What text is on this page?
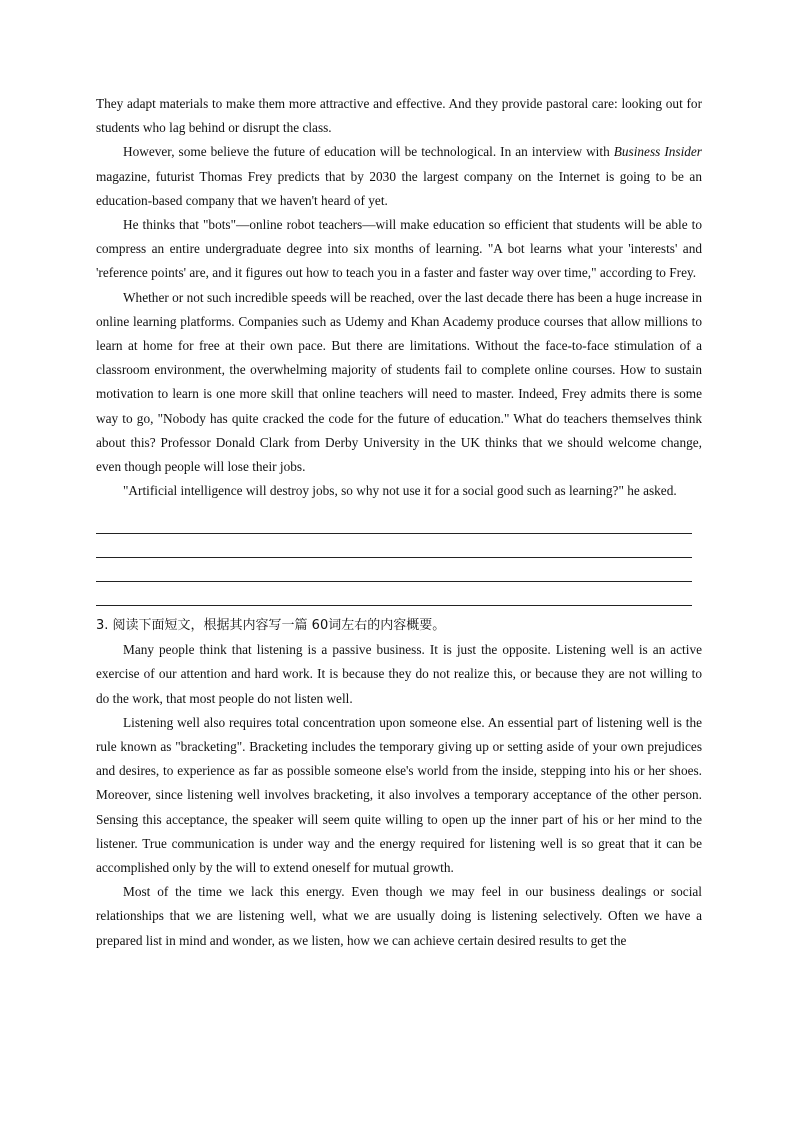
They adapt materials to make them more attractive and effective. And they provide pastoral care: looking out for students who lag behind or disrupt the class.

However, some believe the future of education will be technological. In an interview with Business Insider magazine, futurist Thomas Frey predicts that by 2030 the largest company on the Internet is going to be an education-based company that we haven't heard of yet.

He thinks that "bots"—online robot teachers—will make education so efficient that students will be able to compress an entire undergraduate degree into six months of learning. "A bot learns what your 'interests' and 'reference points' are, and it figures out how to teach you in a faster and faster way over time," according to Frey.

Whether or not such incredible speeds will be reached, over the last decade there has been a huge increase in online learning platforms. Companies such as Udemy and Khan Academy produce courses that allow millions to learn at home for free at their own pace. But there are limitations. Without the face-to-face stimulation of a classroom environment, the overwhelming majority of students fail to complete online courses. How to sustain motivation to learn is one more skill that online teachers will need to master. Indeed, Frey admits there is some way to go, "Nobody has quite cracked the code for the future of education." What do teachers themselves think about this? Professor Donald Clark from Derby University in the UK thinks that we should welcome change, even though people will lose their jobs.

"Artificial intelligence will destroy jobs, so why not use it for a social good such as learning?" he asked.

3. 阅读下面短文，根据其内容写一篇 60词左右的内容概要。

Many people think that listening is a passive business. It is just the opposite. Listening well is an active exercise of our attention and hard work. It is because they do not realize this, or because they are not willing to do the work, that most people do not listen well.

Listening well also requires total concentration upon someone else. An essential part of listening well is the rule known as "bracketing". Bracketing includes the temporary giving up or setting aside of your own prejudices and desires, to experience as far as possible someone else's world from the inside, stepping into his or her shoes. Moreover, since listening well involves bracketing, it also involves a temporary acceptance of the other person. Sensing this acceptance, the speaker will seem quite willing to open up the inner part of his or her mind to the listener. True communication is under way and the energy required for listening well is so great that it can be accomplished only by the will to extend oneself for mutual growth.

Most of the time we lack this energy. Even though we may feel in our business dealings or social relationships that we are listening well, what we are usually doing is listening selectively. Often we have a prepared list in mind and wonder, as we listen, how we can achieve certain desired results to get the
